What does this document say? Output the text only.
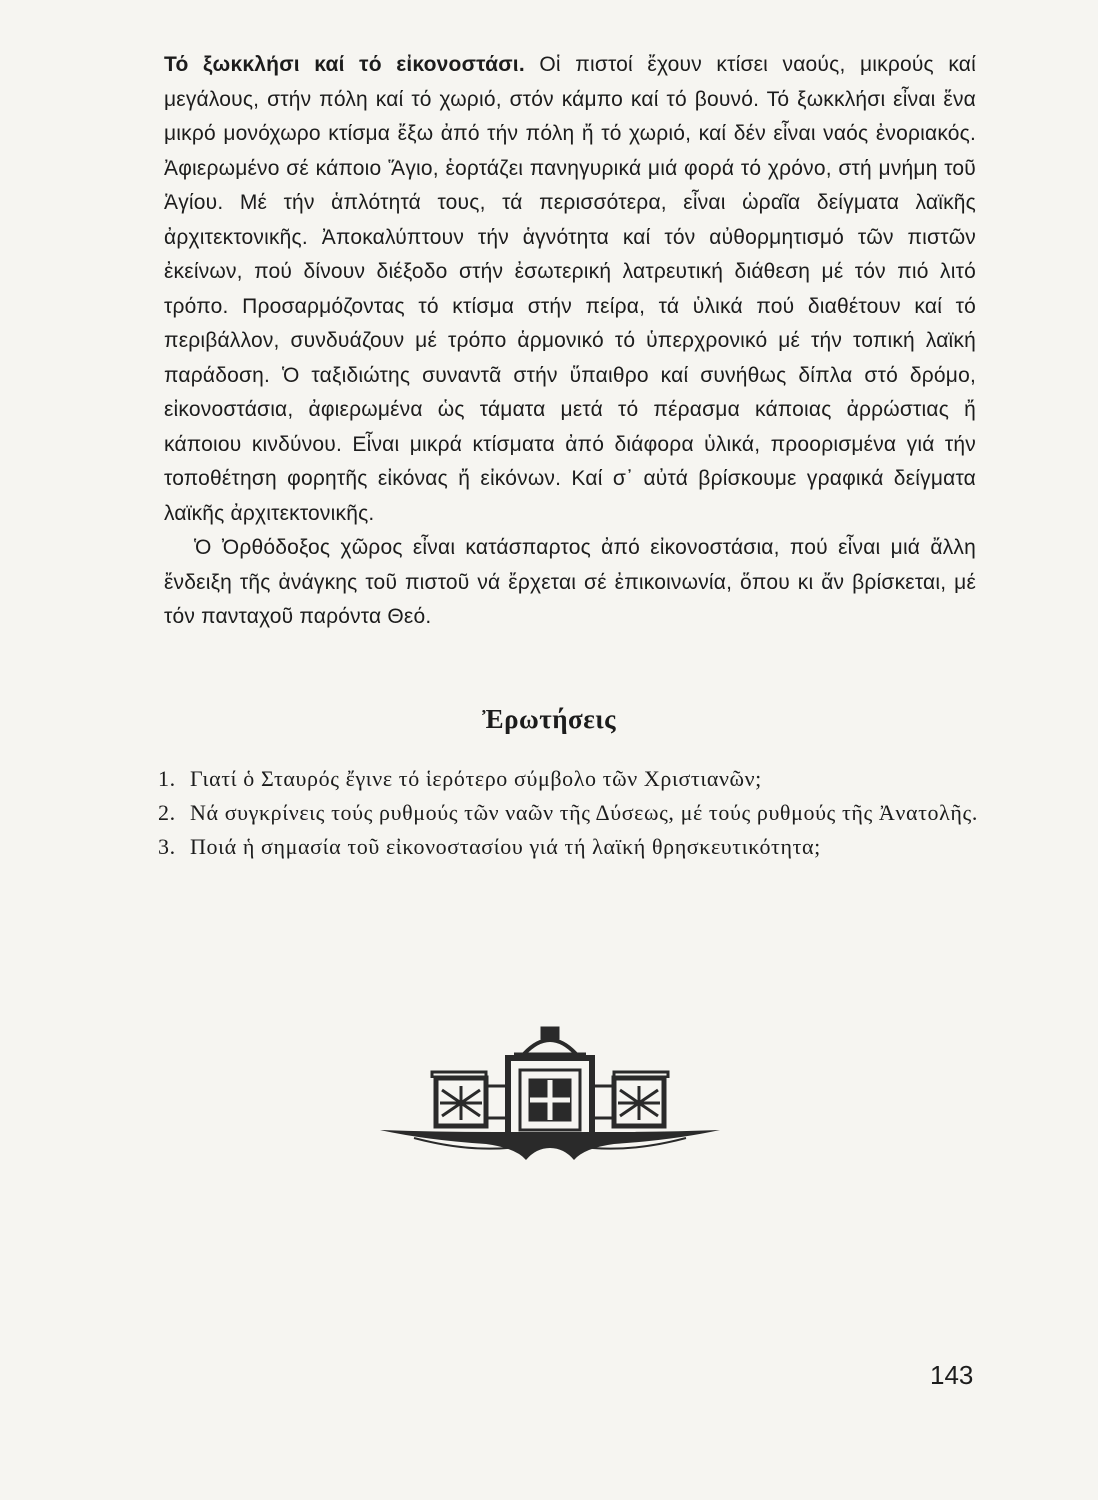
Τό ξωκκλήσι καί τό εἰκονοστάσι. Οἱ πιστοί ἔχουν κτίσει ναούς, μικρούς καί μεγάλους, στήν πόλη καί τό χωριό, στόν κάμπο καί τό βουνό. Τό ξωκκλήσι εἶναι ἕνα μικρό μονόχωρο κτίσμα ἔξω ἀπό τήν πόλη ἤ τό χωριό, καί δέν εἶναι ναός ἐνοριακός. Ἀφιερωμένο σέ κάποιο Ἅγιο, ἑορτάζει πανηγυρικά μιά φορά τό χρόνο, στή μνήμη τοῦ Ἁγίου. Μέ τήν ἁπλότητά τους, τά περισσότερα, εἶναι ὡραῖα δείγματα λαϊκῆς ἀρχιτεκτονικῆς. Ἀποκαλύπτουν τήν ἁγνότητα καί τόν αὐθορμητισμό τῶν πιστῶν ἐκείνων, πού δίνουν διέξοδο στήν ἐσωτερική λατρευτική διάθεση μέ τόν πιό λιτό τρόπο. Προσαρμόζοντας τό κτίσμα στήν πείρα, τά ὑλικά πού διαθέτουν καί τό περιβάλλον, συνδυάζουν μέ τρόπο ἁρμονικό τό ὑπερχρονικό μέ τήν τοπική λαϊκή παράδοση. Ὁ ταξιδιώτης συναντᾶ στήν ὕπαιθρο καί συνήθως δίπλα στό δρόμο, εἰκονοστάσια, ἀφιερωμένα ὡς τάματα μετά τό πέρασμα κάποιας ἀρρώστιας ἤ κάποιου κινδύνου. Εἶναι μικρά κτίσματα ἀπό διάφορα ὑλικά, προορισμένα γιά τήν τοποθέτηση φορητῆς εἰκόνας ἤ εἰκόνων. Καί σ᾿ αὐτά βρίσκουμε γραφικά δείγματα λαϊκῆς ἀρχιτεκτονικῆς.

Ὁ Ὀρθόδοξος χῶρος εἶναι κατάσπαρτος ἀπό εἰκονοστάσια, πού εἶναι μιά ἄλλη ἔνδειξη τῆς ἀνάγκης τοῦ πιστοῦ νά ἔρχεται σέ ἐπικοινωνία, ὅπου κι ἄν βρίσκεται, μέ τόν πανταχοῦ παρόντα Θεό.

Ἐρωτήσεις
1. Γιατί ὁ Σταυρός ἔγινε τό ἱερότερο σύμβολο τῶν Χριστιανῶν;
2. Νά συγκρίνεις τούς ρυθμούς τῶν ναῶν τῆς Δύσεως, μέ τούς ρυθμούς τῆς Ἀνατολῆς.
3. Ποιά ἡ σημασία τοῦ εἰκονοστασίου γιά τή λαϊκή θρησκευτικότητα;
143
